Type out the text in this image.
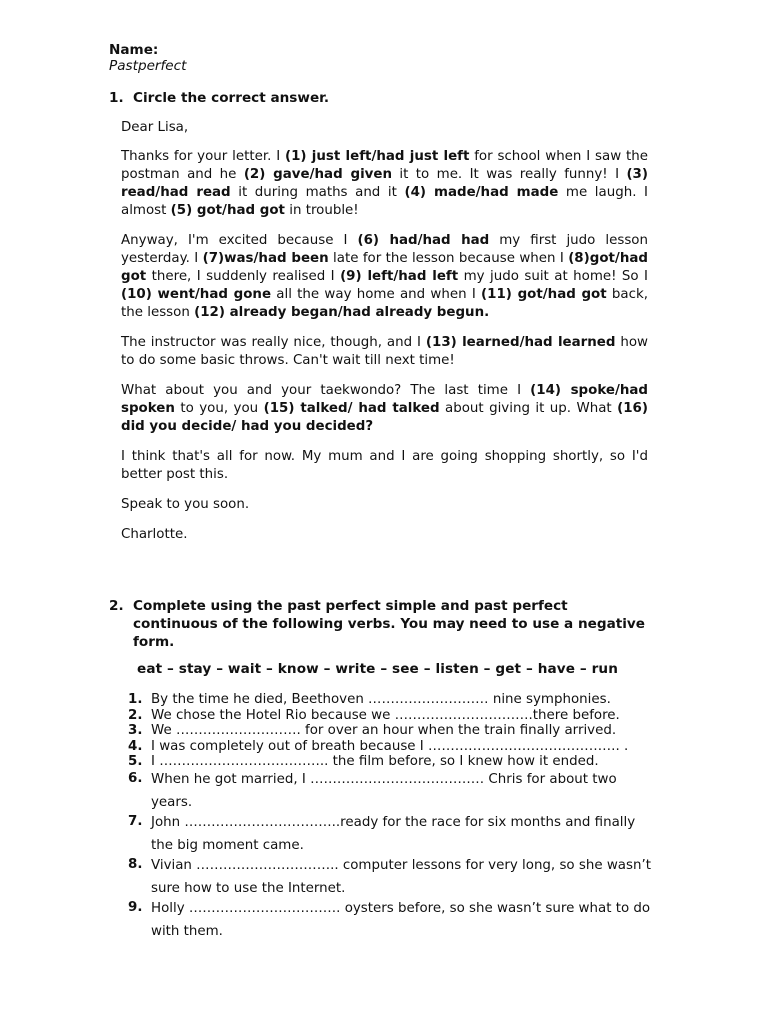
Name:
Pastperfect
1. Circle the correct answer.

Dear Lisa,

Thanks for your letter. I (1) just left/had just left for school when I saw the postman and he (2) gave/had given it to me. It was really funny! I (3) read/had read it during maths and it (4) made/had made me laugh. I almost (5) got/had got in trouble!

Anyway, I'm excited because I (6) had/had had my first judo lesson yesterday. I (7)was/had been late for the lesson because when I (8)got/had got there, I suddenly realised I (9) left/had left my judo suit at home! So I (10) went/had gone all the way home and when I (11) got/had got back, the lesson (12) already began/had already begun.

The instructor was really nice, though, and I (13) learned/had learned how to do some basic throws. Can't wait till next time!

What about you and your taekwondo? The last time I (14) spoke/had spoken to you, you (15) talked/ had talked about giving it up. What (16) did you decide/ had you decided?

I think that's all for now. My mum and I are going shopping shortly, so I'd better post this.

Speak to you soon.

Charlotte.

2. Complete using the past perfect simple and past perfect continuous of the following verbs. You may need to use a negative form.
eat – stay – wait – know – write – see – listen – get – have – run
1. By the time he died, Beethoven ……………………… nine symphonies.
2. We chose the Hotel Rio because we ………………………….there before.
3. We ………………………. for over an hour when the train finally arrived.
4. I was completely out of breath because I ……………………………………. .
5. I ……………………………….. the film before, so I knew how it ended.
6. When he got married, I ………………………………… Chris for about two years.
7. John ……………………………..ready for the race for six months and finally the big moment came.
8. Vivian ………………………….. computer lessons for very long, so she wasn’t sure how to use the Internet.
9. Holly ……………………………. oysters before, so she wasn’t sure what to do with them.
